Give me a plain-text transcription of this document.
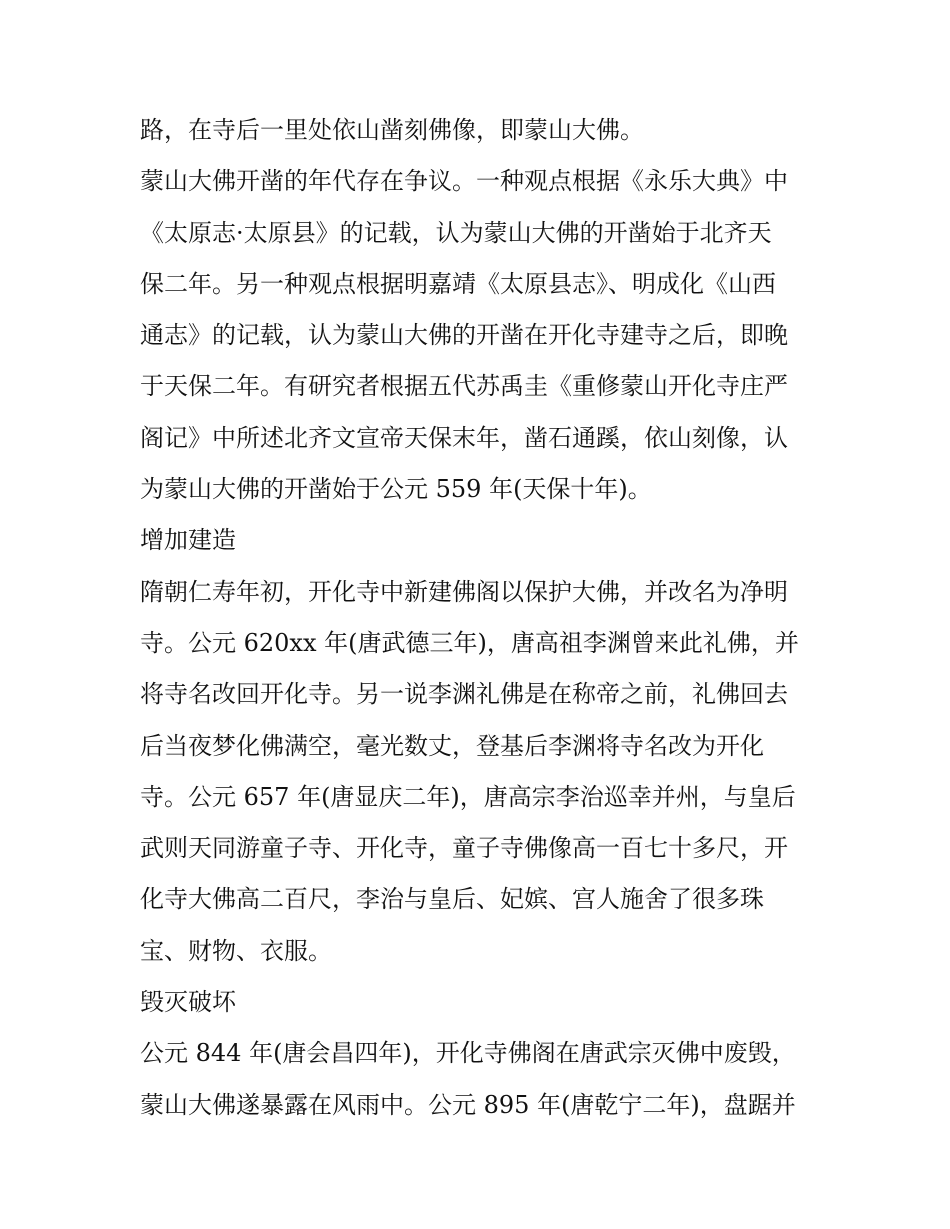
路，在寺后一里处依山凿刻佛像，即蒙山大佛。
蒙山大佛开凿的年代存在争议。一种观点根据《永乐大典》中
《太原志·太原县》的记载，认为蒙山大佛的开凿始于北齐天
保二年。另一种观点根据明嘉靖《太原县志》、明成化《山西
通志》的记载，认为蒙山大佛的开凿在开化寺建寺之后，即晚
于天保二年。有研究者根据五代苏禹圭《重修蒙山开化寺庄严
阁记》中所述北齐文宣帝天保末年，凿石通蹊，依山刻像，认
为蒙山大佛的开凿始于公元 559 年(天保十年)。
增加建造
隋朝仁寿年初，开化寺中新建佛阁以保护大佛，并改名为净明
寺。公元 620xx 年(唐武德三年)，唐高祖李渊曾来此礼佛，并
将寺名改回开化寺。另一说李渊礼佛是在称帝之前，礼佛回去
后当夜梦化佛满空，毫光数丈，登基后李渊将寺名改为开化
寺。公元 657 年(唐显庆二年)，唐高宗李治巡幸并州，与皇后
武则天同游童子寺、开化寺，童子寺佛像高一百七十多尺，开
化寺大佛高二百尺，李治与皇后、妃嫔、宫人施舍了很多珠
宝、财物、衣服。
毁灭破坏
公元 844 年(唐会昌四年)，开化寺佛阁在唐武宗灭佛中废毁，
蒙山大佛遂暴露在风雨中。公元 895 年(唐乾宁二年)，盘踞并
